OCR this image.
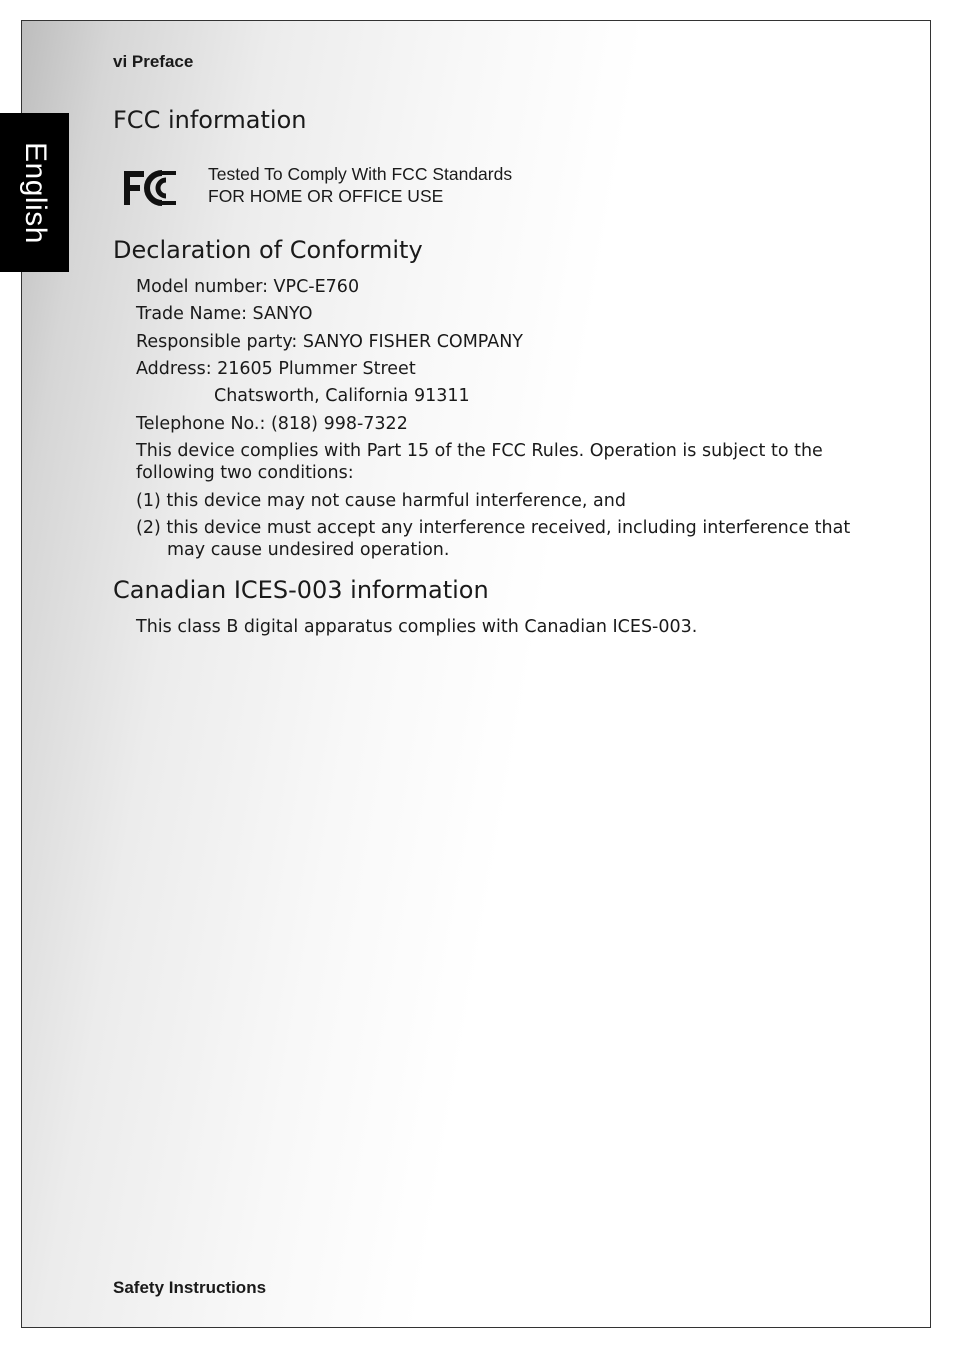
English
vi Preface
FCC information
FC	Tested To Comply With FCC Standards
FOR HOME OR OFFICE USE
Declaration of Conformity
Model number: VPC-E760
Trade Name: SANYO
Responsible party: SANYO FISHER COMPANY
Address: 21605 Plummer Street
Chatsworth, California 91311
Telephone No.: (818) 998-7322
This device complies with Part 15 of the FCC Rules. Operation is subject to the
following two conditions:
(1) this device may not cause harmful interference, and
(2) this device must accept any interference received, including interference that
may cause undesired operation.
Canadian ICES-003 information
This class B digital apparatus complies with Canadian ICES-003.
Safety Instructions
